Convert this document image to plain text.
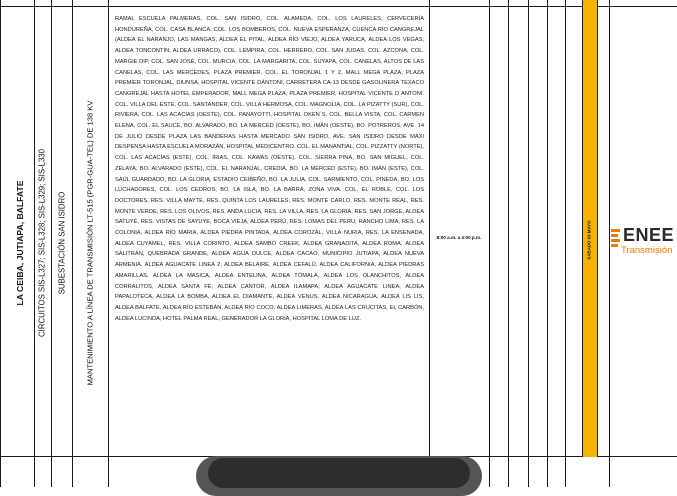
LA CEIBA, JUTIAPA, BALFATE CIRCUITOS SIS-L327; SIS-L328; SIS-L329; SIS-L330 SUBESTACIÓN SAN ISIDRO	MANTENIMIENTO A LÍNEA DE TRANSMISIÓN LT-515 (PGR-GUA-TEL) DE 138 KV
RAMAL ESCUELA PALMERAS, COL. SAN ISIDRO, COL. ALAMEDA, COL. LOS LAURELES, CERVECERÍA HONDUREÑA, COL. CASA BLANCA, COL. LOS BOMBEROS, COL. NUEVA ESPERANZA, CUENCA RÍO CANGREJAL (ALDEA EL NARANJO, LAS MANGAS, ALDEA EL PITAL, ALDEA RÍO VIEJO, ALDEA YARUCA, ALDEA LOS VEGAS, ALDEA TONCONTÍN, ALDEA URRACO), COL. LEMPIRA, COL. HERRERO, COL. SAN JUDAS, COL. AZCONA, COL. MARGIE DIP, COL. SAN JOSÉ, COL. MURCIA, COL. LA MARGARITA, COL. SUYAPA, COL. CANELAS, ALTOS DE LAS CANELAS, COL. LAS MERCEDES, PLAZA PREMIER, COL. EL TORONJAL 1 Y 2, MALL MEGA PLAZA, PLAZA PREMIER TORONJAL, DIUNSA, HOSPITAL VICENTE DÁNTONI, CARRETERA CA-13 DESDE GASOLINERA TEXACO CANGREJAL HASTA HOTEL EMPERADOR, MALL MEGA PLAZA, PLAZA PREMIER, HOSPITAL VICENTE D´ANTONI. COL. VILLA DEL ESTE, COL. SANTANDER, COL. VILLA HERMOSA, COL. MAGNOLIA, COL. LA PIZATTY (SUR), COL. RIVIERA, COL. LAS ACACIAS (OESTE), COL. PANAYOTTI, HOSPITAL OKEN´S, COL. BELLA VISTA, COL. CARMEN ELENA, COL. EL SAUCE, BO. ALVARADO, BO. LA MERCED (OESTE), BO. IMÁN (OESTE), BO. POTREROS, AVE. 14 DE JULIO DESDE PLAZA LAS BANDERAS HASTA MERCADO SAN ISIDRO, AVE. SAN ISIDRO DESDE MAXI DESPENSA HASTA ESCUELA MORAZÁN, HOSPITAL MEDICENTRO. COL. EL MANANTIAL, COL. PIZZATTY (NORTE), COL. LAS ACACÍAS (ESTE), COL. ÍRIAS, COL. KAWAS (OESTE), COL. SIERRA PINA, BO. SAN MIGUEL, COL. ZELAYA, BO. ALVARADO (ESTE), COL. EL NARANJAL, CREDIA, BO. LA MERCED (ESTE), BO. IMÁN (ESTE), COL. SAÚL GUARDADO, BO. LA GLORIA, ESTADIO CEIBEÑO, BO. LA JULIA, COL. SARMIENTO, COL. PINEDA, BO. LOS LUCHADORES, COL. LOS CEDROS, BO. LA ISLA, BO. LA BARRA, ZONA VIVA. COL. EL ROBLE, COL. LOS DOCTORES, RES. VILLA MAYTE, RES. QUINTA LOS LAURELES, RES. MONTE CARLO, RES. MONTE REAL, RES. MONTE VERDE, RES. LOS OLIVOS, RES. ANDA LUCIA, RES. LA VILLA, RES. LA GLORIA, RES. SAN JORGE, ALDEA SATUYÉ, RES. VISTAS DE SAYUYE, BOCA VIEJA, ALDEA PERÚ, RES. LOMAS DEL PERU, RANCHO LIMA, RES. LA COLONIA, ALDEA RÍO MARIA, ALDEA PIEDRA PINTADA, ALDEA COROZAL, VILLA NURIA, RES. LA ENSENADA, ALDEA CUYAMEL, RES. VILLA CORINTO, ALDEA SAMBO CREEK, ALDEA GRANADITA, ALDEA ROMA, ALDEA SALITRÁN, QUEBRADA GRANDE, ALDEA AGUA DULCE, ALDEA CACAO, MUNICIPIO JUTIAPA, ALDEA NUEVA ARMENIA, ALDEA AGUACATE LINEA 2, ALDEA BELAIRE, ALDEA CEFALÚ, ALDEA CALIFORNIA, ALDEA PIEDRAS AMARILLAS, ALDEA LA MASICA, ALDEA ENTELINA, ALDEA TÓMALA, ALDEA LOS OLANCHITOS, ALDEA CORRALITOS, ALDEA SANTA FÉ, ALDEA CANTOR, ALDEA ILAMAPA, ALDEA AGUACATE LINEA, ALDEA PAPALOTECA, ALDEA LA BOMBA, ALDEA EL DIAMANTE, ALDEA VENUS, ALDEA NICARAGUA, ALDEA LIS LIS, ALDEA BALFATE, ALDEA RÍO ESTEBÁN, ALDEA RÍO COCO, ALDEA LIMERAS, ALDEA LAS CRUCITAS, EL CARBÓN, ALDEA LUCINDA, HOTEL PALMA REAL, GENERADOR LA GLORIA, HOSPITAL LOMA DE LUZ.
8:00 a.m. a 4:00 p.m.	SÁBADO 03 MAYO ENEE
Transmisión
